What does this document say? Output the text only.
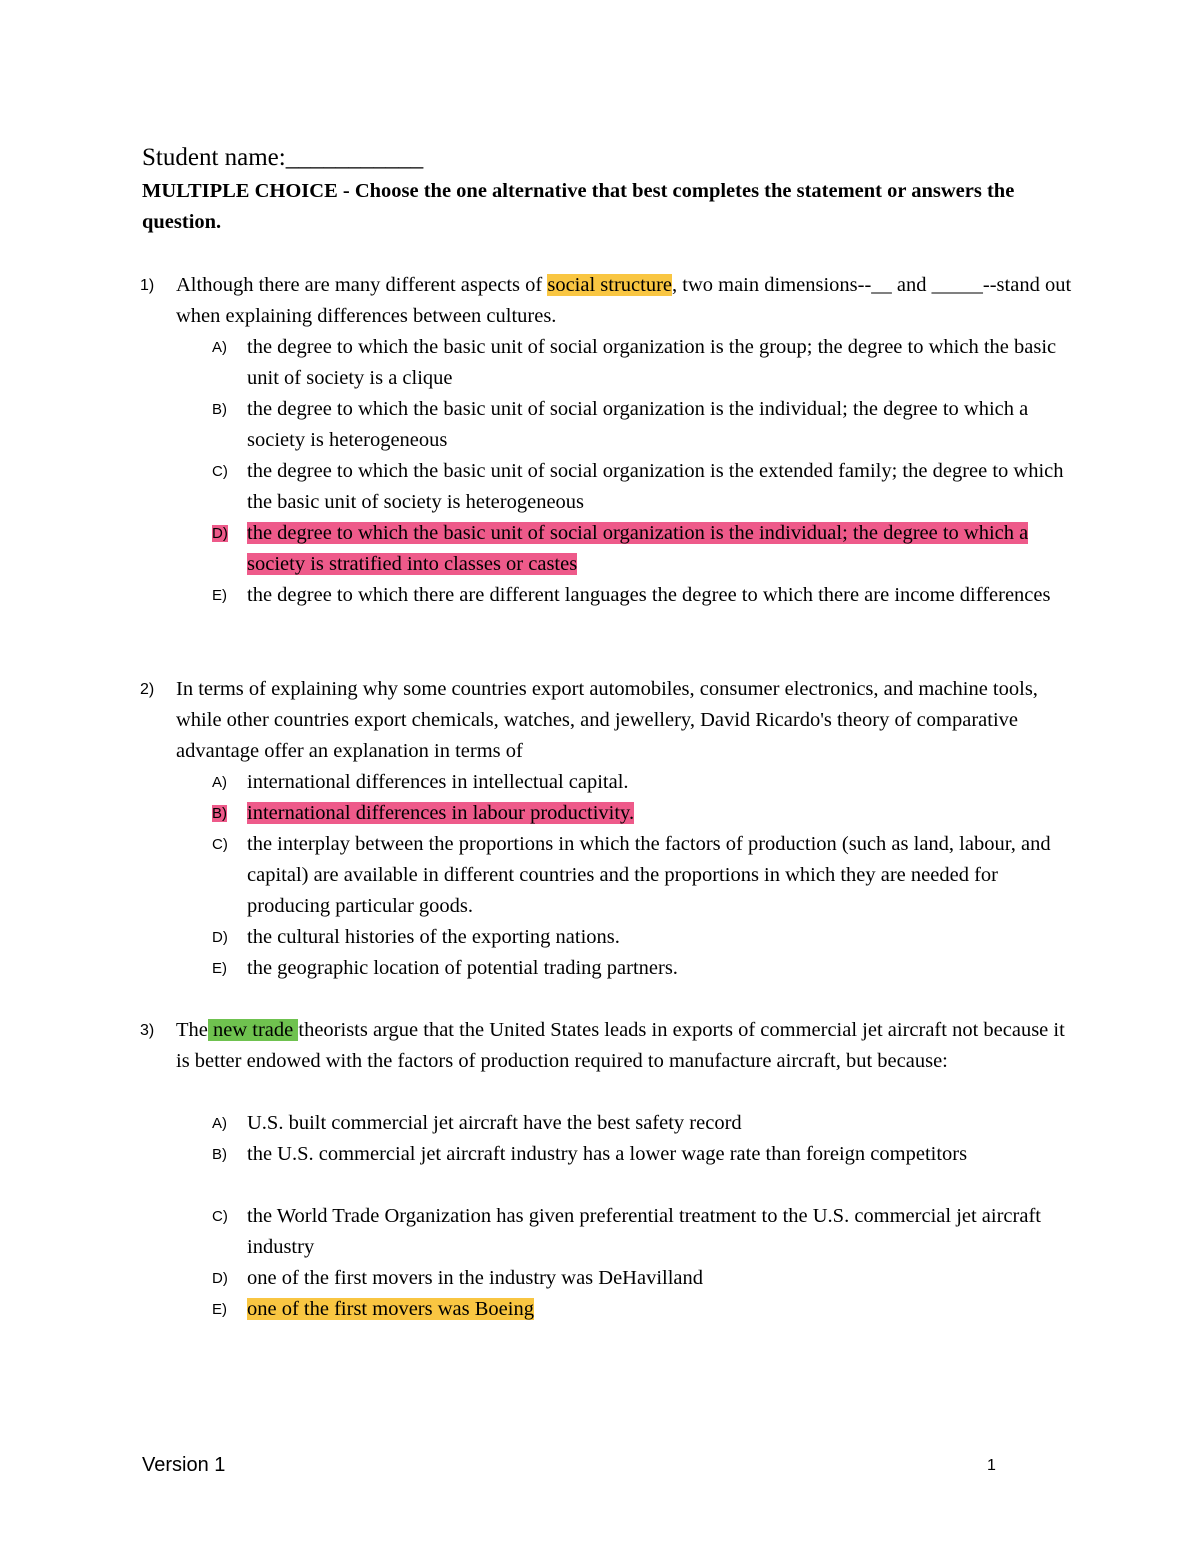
Student name:___________
MULTIPLE CHOICE - Choose the one alternative that best completes the statement or answers the question.
1) Although there are many different aspects of social structure, two main dimensions--__ and _____--stand out when explaining differences between cultures.
A) the degree to which the basic unit of social organization is the group; the degree to which the basic unit of society is a clique
B) the degree to which the basic unit of social organization is the individual; the degree to which a society is heterogeneous
C) the degree to which the basic unit of social organization is the extended family; the degree to which the basic unit of society is heterogeneous
D) the degree to which the basic unit of social organization is the individual; the degree to which a society is stratified into classes or castes
E) the degree to which there are different languages the degree to which there are income differences
2) In terms of explaining why some countries export automobiles, consumer electronics, and machine tools, while other countries export chemicals, watches, and jewellery, David Ricardo's theory of comparative advantage offer an explanation in terms of
A) international differences in intellectual capital.
B) international differences in labour productivity.
C) the interplay between the proportions in which the factors of production (such as land, labour, and capital) are available in different countries and the proportions in which they are needed for producing particular goods.
D) the cultural histories of the exporting nations.
E) the geographic location of potential trading partners.
3) The new trade theorists argue that the United States leads in exports of commercial jet aircraft not because it is better endowed with the factors of production required to manufacture aircraft, but because:
A) U.S. built commercial jet aircraft have the best safety record
B) the U.S. commercial jet aircraft industry has a lower wage rate than foreign competitors
C) the World Trade Organization has given preferential treatment to the U.S. commercial jet aircraft industry
D) one of the first movers in the industry was DeHavilland
E) one of the first movers was Boeing
Version 1	1
